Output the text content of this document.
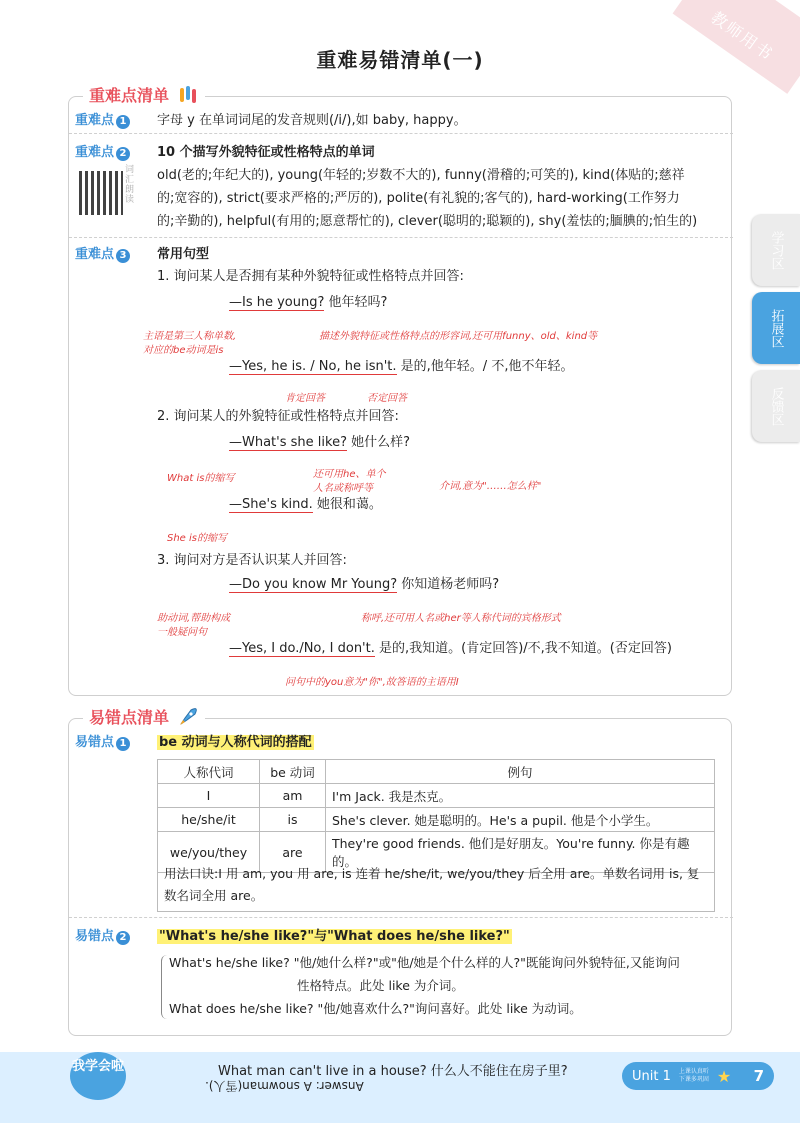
教师用书
重难易错清单(一)
学习区
拓展区
反馈区
重难点清单
重难点 1	字母 y 在单词词尾的发音规则(/i/),如 baby, happy。
重难点 2
词汇朗读
10 个描写外貌特征或性格特点的单词
old(老的;年纪大的), young(年轻的;岁数不大的), funny(滑稽的;可笑的), kind(体贴的;慈祥
的;宽容的), strict(要求严格的;严厉的), polite(有礼貌的;客气的), hard-working(工作努力
的;辛勤的), helpful(有用的;愿意帮忙的), clever(聪明的;聪颖的), shy(羞怯的;腼腆的;怕生的)
重难点 3	常用句型
1. 询问某人是否拥有某种外貌特征或性格特点并回答:
—Is he young? 他年轻吗?
主语是第三人称单数,
对应的be动词是is
描述外貌特征或性格特点的形容词,还可用funny、old、kind等
—Yes, he is. / No, he isn't. 是的,他年轻。/ 不,他不年轻。
肯定回答	否定回答
2. 询问某人的外貌特征或性格特点并回答:
—What's she like? 她什么样?
What is的缩写	还可用he、单个
人名或称呼等	介词,意为"……怎么样"
—She's kind. 她很和蔼。
She is的缩写
3. 询问对方是否认识某人并回答:
—Do you know Mr Young? 你知道杨老师吗?
助动词,帮助构成
一般疑问句
称呼,还可用人名或her等人称代词的宾格形式
—Yes, I do./No, I don't. 是的,我知道。(肯定回答)/不,我不知道。(否定回答)
问句中的you意为"你",故答语的主语用I
易错点清单
易错点 1	be 动词与人称代词的搭配
人称代词	be 动词	例句
I	am	I'm Jack. 我是杰克。
he/she/it	is	She's clever. 她是聪明的。He's a pupil. 他是个小学生。
we/you/they	are	They're good friends. 他们是好朋友。You're funny. 你是有趣的。
用法口诀:I 用 am, you 用 are, is 连着 he/she/it, we/you/they 后全用 are。单数名词用 is, 复
数名词全用 are。
易错点 2	"What's he/she like?"与"What does he/she like?"
What's he/she like? "他/她什么样?"或"他/她是个什么样的人?"既能询问外貌特征,又能询问
性格特点。此处 like 为介词。
What does he/she like? "他/她喜欢什么?"询问喜好。此处 like 为动词。
我学会啦	What man can't live in a house? 什么人不能住在房子里?
Answer: A snowman(雪人).
Unit 1 上课认真听
下课多巩固 ★ 7
